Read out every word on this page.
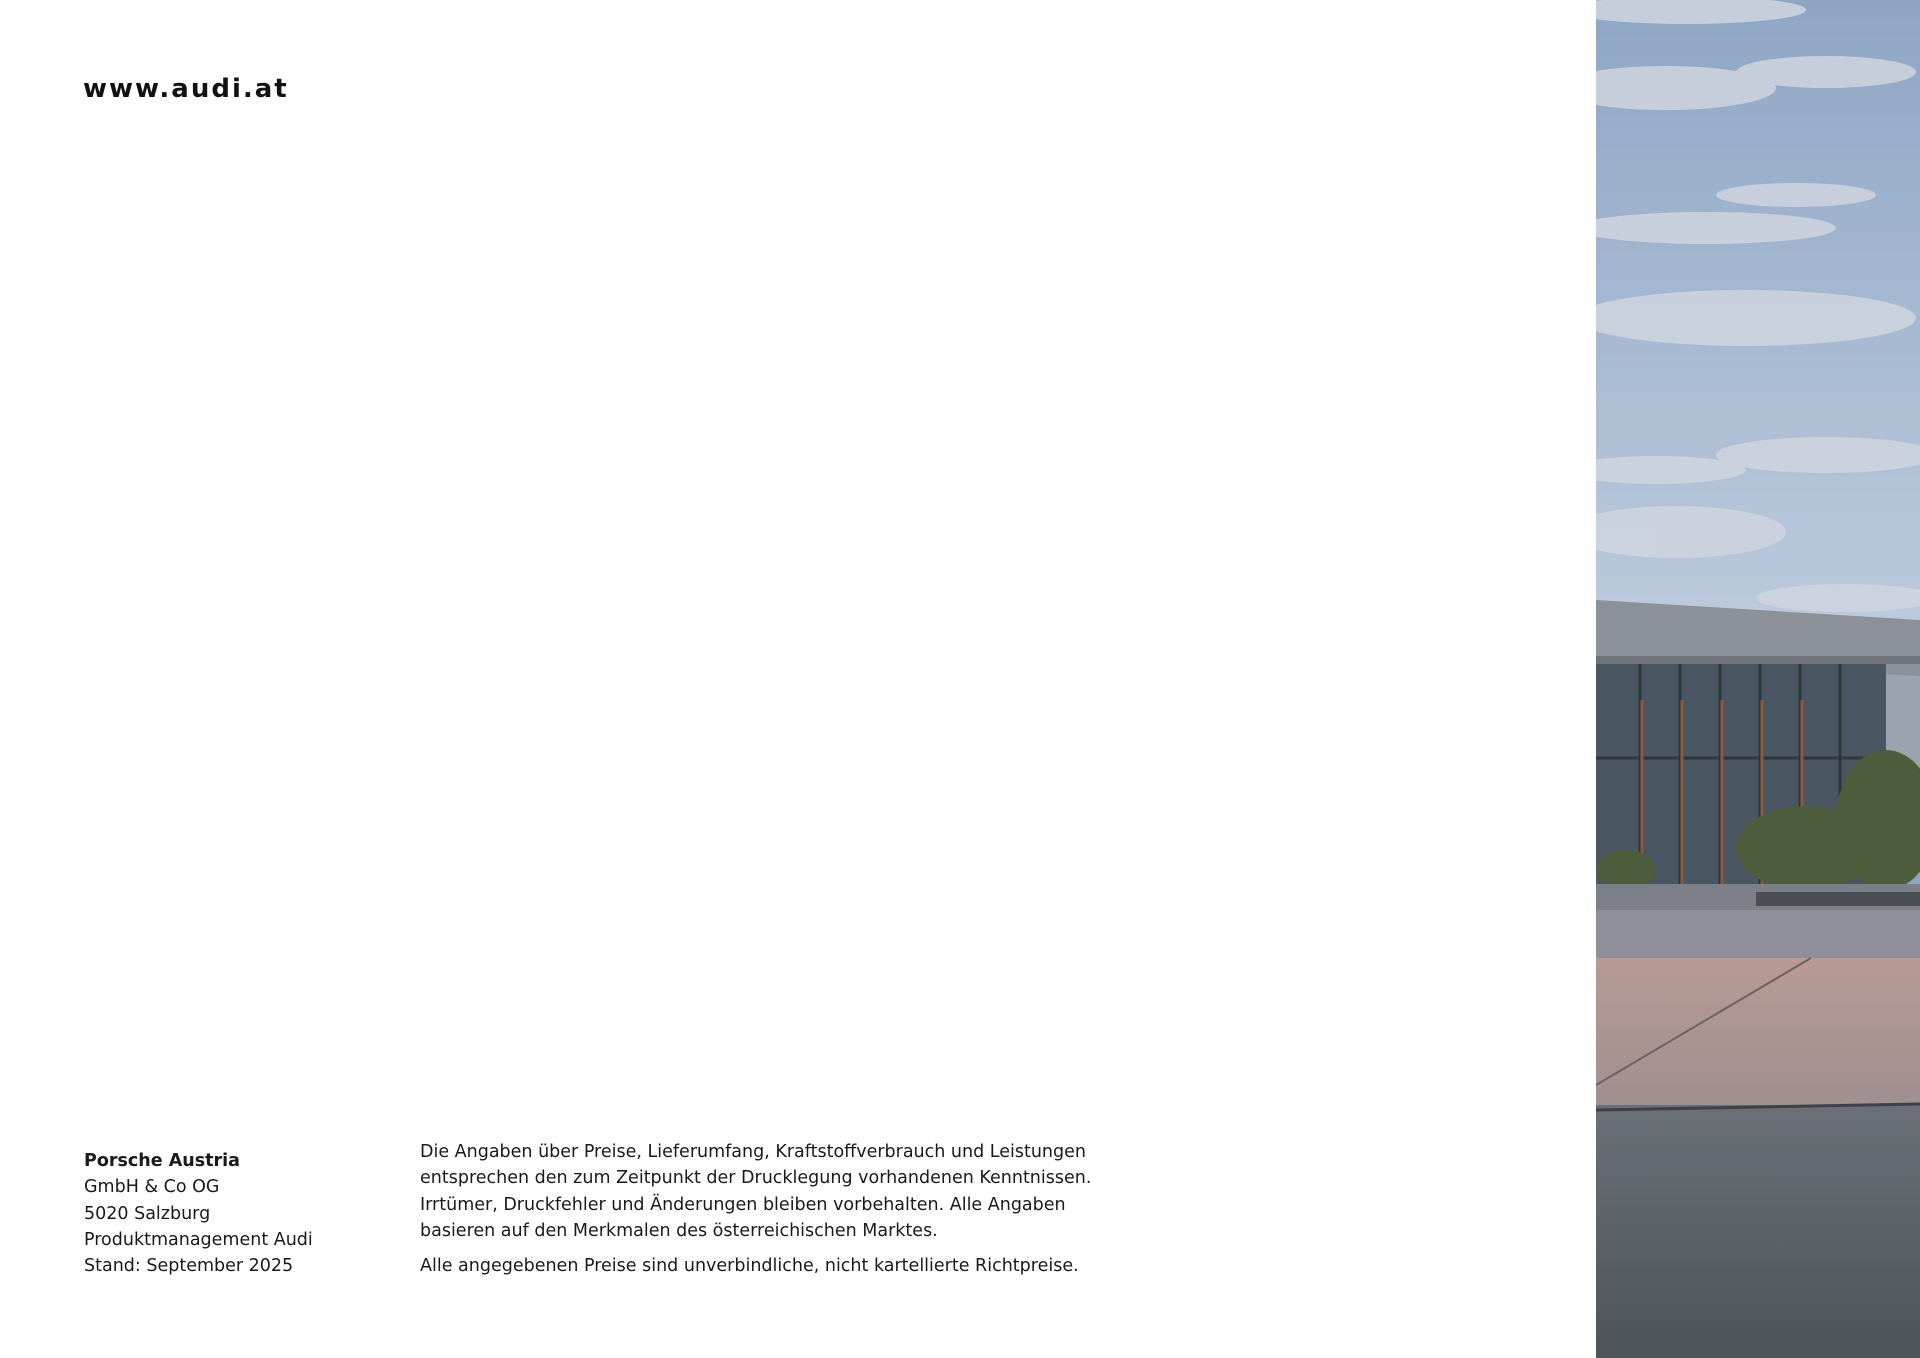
www.audi.at
Porsche Austria
GmbH & Co OG
5020 Salzburg
Produktmanagement Audi
Stand: September 2025

Die Angaben über Preise, Lieferumfang, Kraftstoffverbrauch und Leistungen
entsprechen den zum Zeitpunkt der Drucklegung vorhandenen Kenntnissen.
Irrtümer, Druckfehler und Änderungen bleiben vorbehalten. Alle Angaben
basieren auf den Merkmalen des österreichischen Marktes.

Alle angegebenen Preise sind unverbindliche, nicht kartellierte Richtpreise.
